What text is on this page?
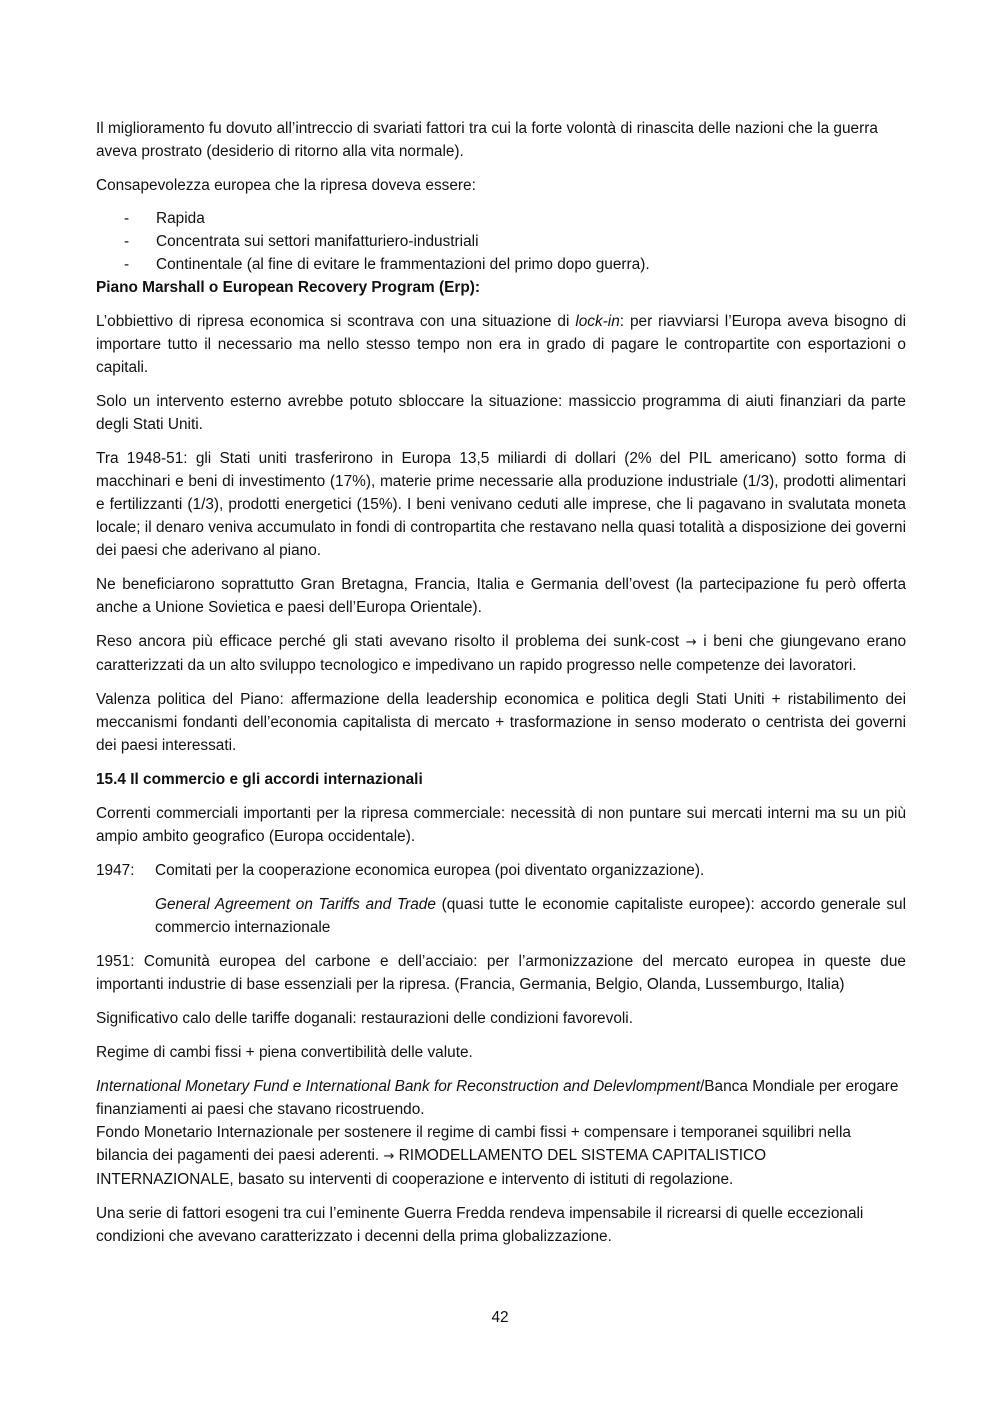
Il miglioramento fu dovuto all’intreccio di svariati fattori tra cui la forte volontà di rinascita delle nazioni che la guerra aveva prostrato (desiderio di ritorno alla vita normale).

Consapevolezza europea che la ripresa doveva essere:

- Rapida
- Concentrata sui settori manifatturiero-industriali
- Continentale (al fine di evitare le frammentazioni del primo dopo guerra).

Piano Marshall o European Recovery Program (Erp):

L’obbiettivo di ripresa economica si scontrava con una situazione di lock-in: per riavviarsi l’Europa aveva bisogno di importare tutto il necessario ma nello stesso tempo non era in grado di pagare le contropartite con esportazioni o capitali.

Solo un intervento esterno avrebbe potuto sbloccare la situazione: massiccio programma di aiuti finanziari da parte degli Stati Uniti.

Tra 1948-51: gli Stati uniti trasferirono in Europa 13,5 miliardi di dollari (2% del PIL americano) sotto forma di macchinari e beni di investimento (17%), materie prime necessarie alla produzione industriale (1/3), prodotti alimentari e fertilizzanti (1/3), prodotti energetici (15%). I beni venivano ceduti alle imprese, che li pagavano in svalutata moneta locale; il denaro veniva accumulato in fondi di contropartita che restavano nella quasi totalità a disposizione dei governi dei paesi che aderivano al piano.

Ne beneficiarono soprattutto Gran Bretagna, Francia, Italia e Germania dell’ovest (la partecipazione fu però offerta anche a Unione Sovietica e paesi dell’Europa Orientale).

Reso ancora più efficace perché gli stati avevano risolto il problema dei sunk-cost → i beni che giungevano erano caratterizzati da un alto sviluppo tecnologico e impedivano un rapido progresso nelle competenze dei lavoratori.

Valenza politica del Piano: affermazione della leadership economica e politica degli Stati Uniti + ristabilimento dei meccanismi fondanti dell’economia capitalista di mercato + trasformazione in senso moderato o centrista dei governi dei paesi interessati.

15.4 Il commercio e gli accordi internazionali

Correnti commerciali importanti per la ripresa commerciale: necessità di non puntare sui mercati interni ma su un più ampio ambito geografico (Europa occidentale).

1947:	Comitati per la cooperazione economica europea (poi diventato organizzazione).

General Agreement on Tariffs and Trade (quasi tutte le economie capitaliste europee): accordo generale sul commercio internazionale

1951: Comunità europea del carbone e dell’acciaio: per l’armonizzazione del mercato europea in queste due importanti industrie di base essenziali per la ripresa. (Francia, Germania, Belgio, Olanda, Lussemburgo, Italia)

Significativo calo delle tariffe doganali: restaurazioni delle condizioni favorevoli.

Regime di cambi fissi + piena convertibilità delle valute.

International Monetary Fund e International Bank for Reconstruction and Delevlompment/Banca Mondiale per erogare finanziamenti ai paesi che stavano ricostruendo.
Fondo Monetario Internazionale per sostenere il regime di cambi fissi + compensare i temporanei squilibri nella bilancia dei pagamenti dei paesi aderenti. → RIMODELLAMENTO DEL SISTEMA CAPITALISTICO INTERNAZIONALE, basato su interventi di cooperazione e intervento di istituti di regolazione.

Una serie di fattori esogeni tra cui l’eminente Guerra Fredda rendeva impensabile il ricrearsi di quelle eccezionali condizioni che avevano caratterizzato i decenni della prima globalizzazione.

42
